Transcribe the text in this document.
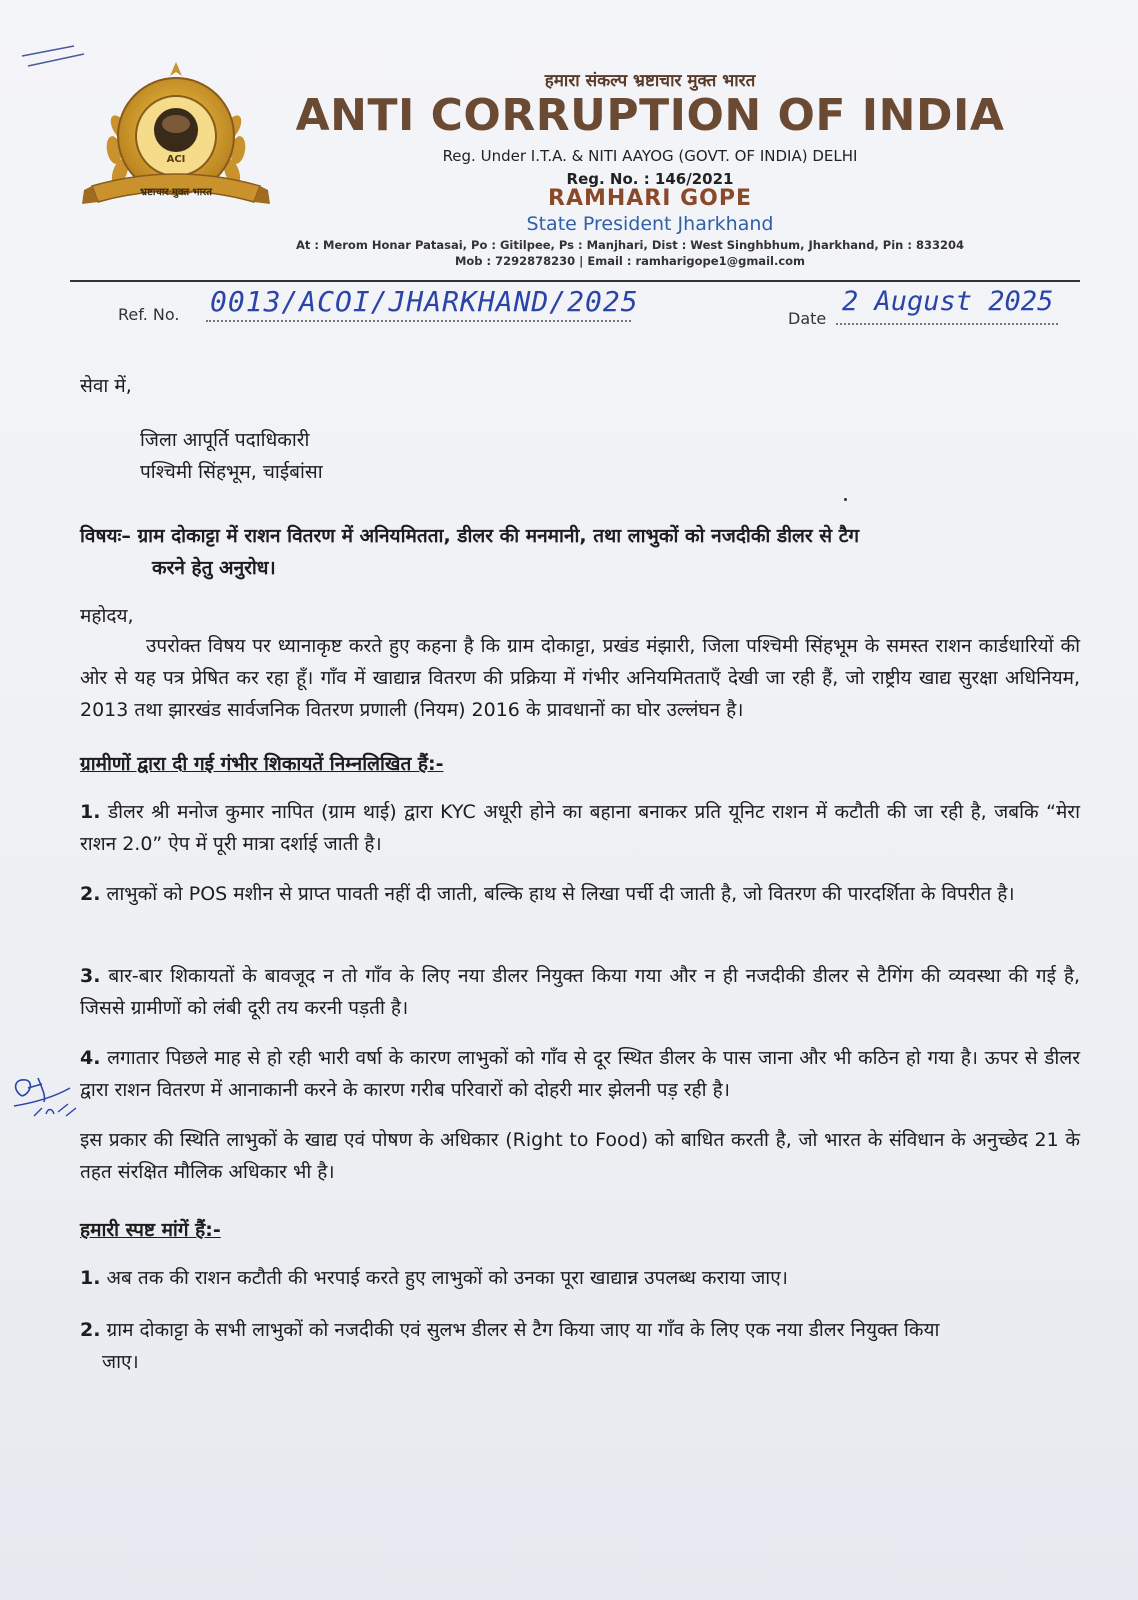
ACI
भ्रष्टाचार मुक्त भारत
हमारा संकल्प भ्रष्टाचार मुक्त भारत
ANTI CORRUPTION OF INDIA
Reg. Under I.T.A. & NITI AAYOG (GOVT. OF INDIA) DELHI
Reg. No. : 146/2021
RAMHARI GOPE
State President Jharkhand
At : Merom Honar Patasai, Po : Gitilpee, Ps : Manjhari, Dist : West Singhbhum, Jharkhand, Pin : 833204
Mob : 7292878230 | Email : ramharigope1@gmail.com
Ref. No. 0013/ACOI/JHARKHAND/2025
Date
2 August 2025
सेवा में,
जिला आपूर्ति पदाधिकारी
पश्चिमी सिंहभूम, चाईबांसा
विषयः– ग्राम दोकाट्टा में राशन वितरण में अनियमितता, डीलर की मनमानी, तथा लाभुकों को नजदीकी डीलर से टैग
करने हेतु अनुरोध।
महोदय,
उपरोक्त विषय पर ध्यानाकृष्ट करते हुए कहना है कि ग्राम दोकाट्टा, प्रखंड मंझारी, जिला पश्चिमी सिंहभूम के समस्त राशन कार्डधारियों की ओर से यह पत्र प्रेषित कर रहा हूँ। गाँव में खाद्यान्न वितरण की प्रक्रिया में गंभीर अनियमितताएँ देखी जा रही हैं, जो राष्ट्रीय खाद्य सुरक्षा अधिनियम, 2013 तथा झारखंड सार्वजनिक वितरण प्रणाली (नियम) 2016 के प्रावधानों का घोर उल्लंघन है।
ग्रामीणों द्वारा दी गई गंभीर शिकायतें निम्नलिखित हैं:-
1. डीलर श्री मनोज कुमार नापित (ग्राम थाई) द्वारा KYC अधूरी होने का बहाना बनाकर प्रति यूनिट राशन में कटौती की जा रही है, जबकि “मेरा राशन 2.0” ऐप में पूरी मात्रा दर्शाई जाती है।
2. लाभुकों को POS मशीन से प्राप्त पावती नहीं दी जाती, बल्कि हाथ से लिखा पर्ची दी जाती है, जो वितरण की पारदर्शिता के विपरीत है।
3. बार-बार शिकायतों के बावजूद न तो गाँव के लिए नया डीलर नियुक्त किया गया और न ही नजदीकी डीलर से टैगिंग की व्यवस्था की गई है, जिससे ग्रामीणों को लंबी दूरी तय करनी पड़ती है।
4. लगातार पिछले माह से हो रही भारी वर्षा के कारण लाभुकों को गाँव से दूर स्थित डीलर के पास जाना और भी कठिन हो गया है। ऊपर से डीलर द्वारा राशन वितरण में आनाकानी करने के कारण गरीब परिवारों को दोहरी मार झेलनी पड़ रही है।
इस प्रकार की स्थिति लाभुकों के खाद्य एवं पोषण के अधिकार (Right to Food) को बाधित करती है, जो भारत के संविधान के अनुच्छेद 21 के तहत संरक्षित मौलिक अधिकार भी है।
हमारी स्पष्ट मांगें हैं:-
1. अब तक की राशन कटौती की भरपाई करते हुए लाभुकों को उनका पूरा खाद्यान्न उपलब्ध कराया जाए।
2. ग्राम दोकाट्टा के सभी लाभुकों को नजदीकी एवं सुलभ डीलर से टैग किया जाए या गाँव के लिए एक नया डीलर नियुक्त किया
जाए।
